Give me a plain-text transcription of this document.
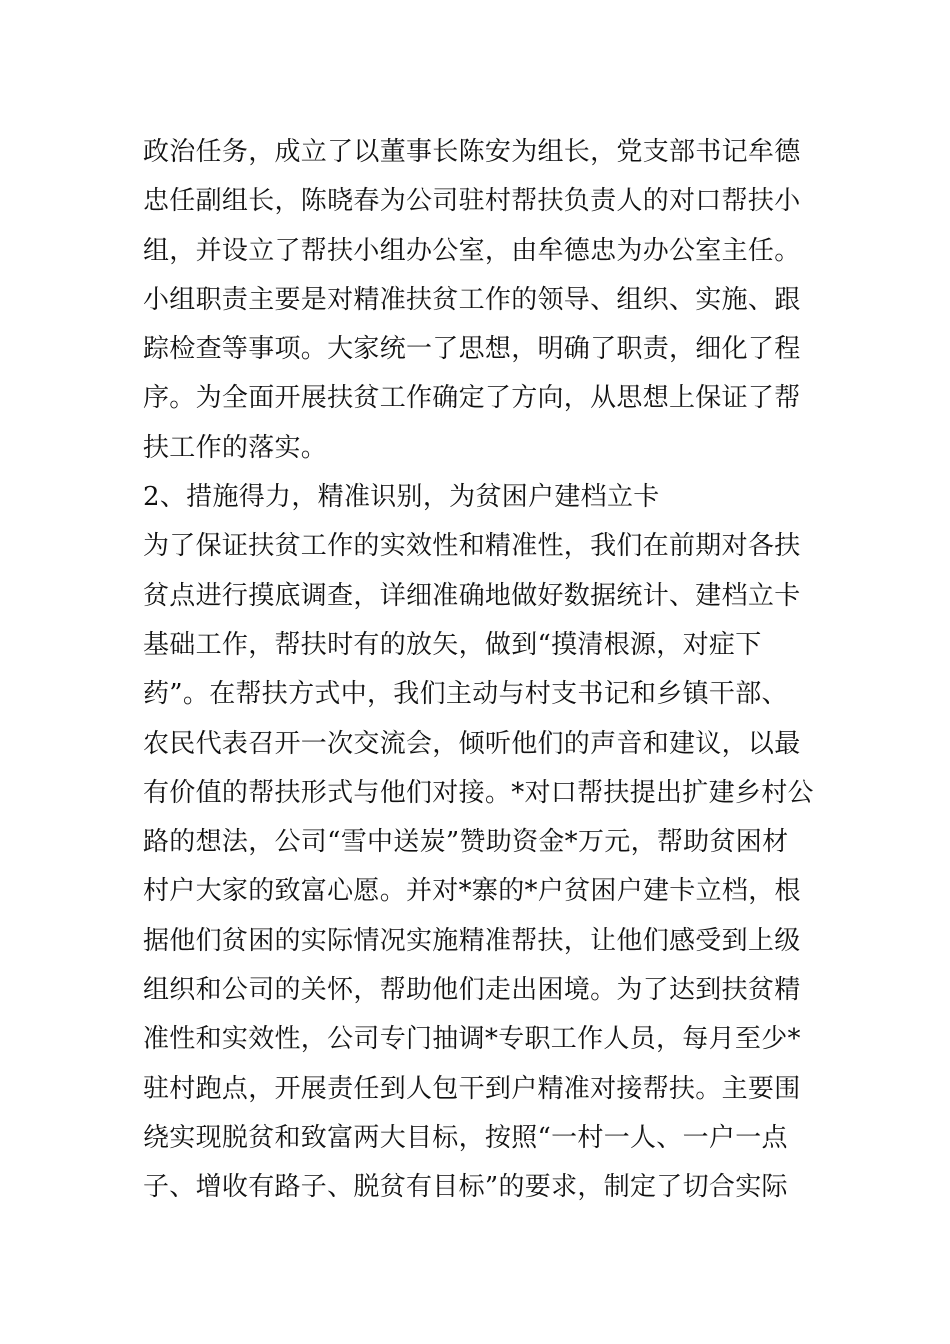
政治任务，成立了以董事长陈安为组长，党支部书记牟德
忠任副组长，陈晓春为公司驻村帮扶负责人的对口帮扶小
组，并设立了帮扶小组办公室，由牟德忠为办公室主任。
小组职责主要是对精准扶贫工作的领导、组织、实施、跟
踪检查等事项。大家统一了思想，明确了职责，细化了程
序。为全面开展扶贫工作确定了方向，从思想上保证了帮
扶工作的落实。
2、措施得力，精准识别，为贫困户建档立卡
为了保证扶贫工作的实效性和精准性，我们在前期对各扶
贫点进行摸底调查，详细准确地做好数据统计、建档立卡
基础工作，帮扶时有的放矢，做到“摸清根源，对症下
药”。在帮扶方式中，我们主动与村支书记和乡镇干部、
农民代表召开一次交流会，倾听他们的声音和建议，以最
有价值的帮扶形式与他们对接。*对口帮扶提出扩建乡村公
路的想法，公司“雪中送炭”赞助资金*万元，帮助贫困材
村户大家的致富心愿。并对*寨的*户贫困户建卡立档，根
据他们贫困的实际情况实施精准帮扶，让他们感受到上级
组织和公司的关怀，帮助他们走出困境。为了达到扶贫精
准性和实效性，公司专门抽调*专职工作人员，每月至少*
驻村跑点，开展责任到人包干到户精准对接帮扶。主要围
绕实现脱贫和致富两大目标，按照“一村一人、一户一点
子、增收有路子、脱贫有目标”的要求，制定了切合实际
